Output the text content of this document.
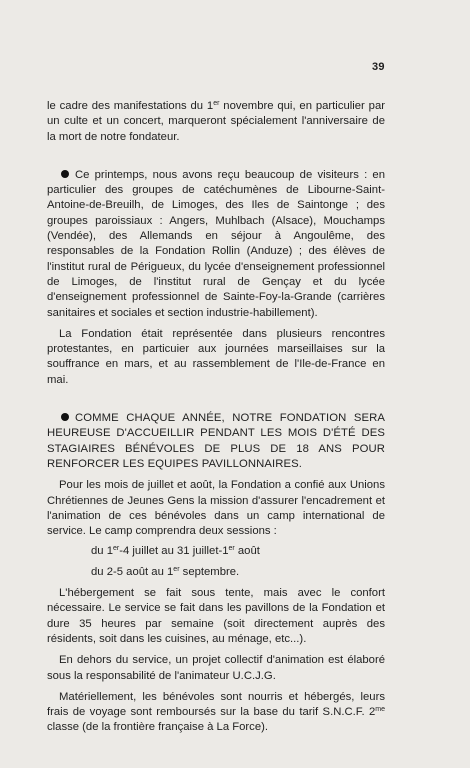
39

le cadre des manifestations du 1er novembre qui, en particulier par un culte et un concert, marqueront spécialement l'anniversaire de la mort de notre fondateur.

Ce printemps, nous avons reçu beaucoup de visiteurs : en particulier des groupes de catéchumènes de Libourne-Saint-Antoine-de-Breuilh, de Limoges, des Iles de Saintonge ; des groupes paroissiaux : Angers, Muhlbach (Alsace), Mouchamps (Vendée), des Allemands en séjour à Angoulême, des responsables de la Fondation Rollin (Anduze) ; des élèves de l'institut rural de Périgueux, du lycée d'enseignement professionnel de Limoges, de l'institut rural de Gençay et du lycée d'enseignement professionnel de Sainte-Foy-la-Grande (carrières sanitaires et sociales et section industrie-habillement).

La Fondation était représentée dans plusieurs rencontres protestantes, en particuier aux journées marseillaises sur la souffrance en mars, et au rassemblement de l'Ile-de-France en mai.

COMME CHAQUE ANNÉE, NOTRE FONDATION SERA HEUREUSE D'ACCUEILLIR PENDANT LES MOIS D'ÉTÉ DES STAGIAIRES BÉNÉVOLES DE PLUS DE 18 ANS POUR RENFORCER LES EQUIPES PAVILLONNAIRES.

Pour les mois de juillet et août, la Fondation a confié aux Unions Chrétiennes de Jeunes Gens la mission d'assurer l'encadrement et l'animation de ces bénévoles dans un camp international de service. Le camp comprendra deux sessions :

du 1er-4 juillet au 31 juillet-1er août

du 2-5 août au 1er septembre.

L'hébergement se fait sous tente, mais avec le confort nécessaire. Le service se fait dans les pavillons de la Fondation et dure 35 heures par semaine (soit directement auprès des résidents, soit dans les cuisines, au ménage, etc...).

En dehors du service, un projet collectif d'animation est élaboré sous la responsabilité de l'animateur U.C.J.G.

Matériellement, les bénévoles sont nourris et hébergés, leurs frais de voyage sont remboursés sur la base du tarif S.N.C.F. $2^{me}$ classe (de la frontière française à La Force).
